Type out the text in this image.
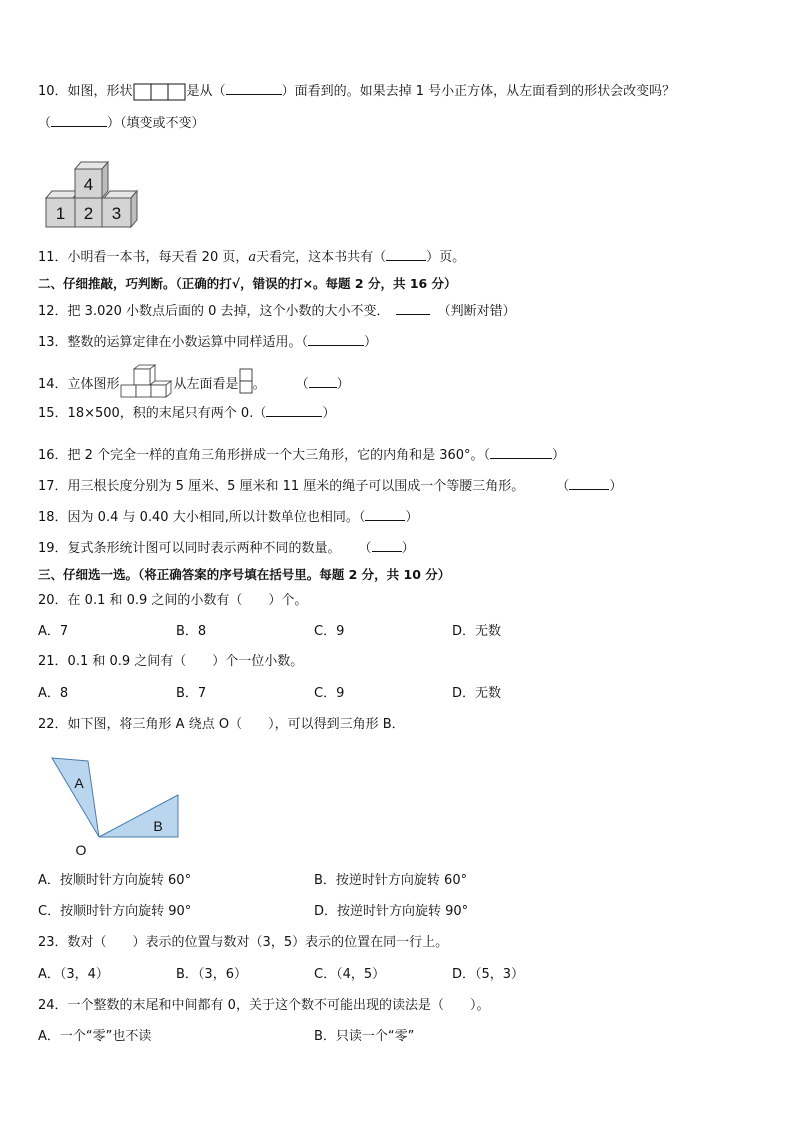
10．如图，形状	是从（	）面看到的。如果去掉 1 号小正方体，从左面看到的形状会改变吗？
（	）（填变或不变）
4
1 2 3
11．小明看一本书，每天看 20 页，a天看完，这本书共有（	）页。
二、仔细推敲，巧判断。（正确的打√，错误的打×。每题 2 分，共 16 分）
12．把 3.020 小数点后面的 0 去掉，这个小数的大小不变．	（判断对错）
13．整数的运算定律在小数运算中同样适用。（	）
14．立体图形	从左面看是 。 （ ）
15．18×500，积的末尾只有两个 0.（	）
16．把 2 个完全一样的直角三角形拼成一个大三角形，它的内角和是 360°。（	）
17．用三根长度分别为 5 厘米、5 厘米和 11 厘米的绳子可以围成一个等腰三角形。 （	）
18．因为 0.4 与 0.40 大小相同,所以计数单位也相同。（	）
19．复式条形统计图可以同时表示两种不同的数量。 （ ）
三、仔细选一选。（将正确答案的序号填在括号里。每题 2 分，共 10 分）
20．在 0.1 和 0.9 之间的小数有（　　）个。
A．7	B．8	C．9	D．无数
21．0.1 和 0.9 之间有（　　）个一位小数。
A．8	B．7	C．9	D．无数
22．如下图，将三角形 A 绕点 O（　　），可以得到三角形 B．
A
B
O
A．按顺时针方向旋转 60°	B．按逆时针方向旋转 60°
C．按顺时针方向旋转 90°	D．按逆时针方向旋转 90°
23．数对（　　）表示的位置与数对（3，5）表示的位置在同一行上。
A．（3，4）	B．（3，6）	C．（4，5）	D．（5，3）
24．一个整数的末尾和中间都有 0，关于这个数不可能出现的读法是（　　）。
A．一个“零”也不读	B．只读一个“零”
